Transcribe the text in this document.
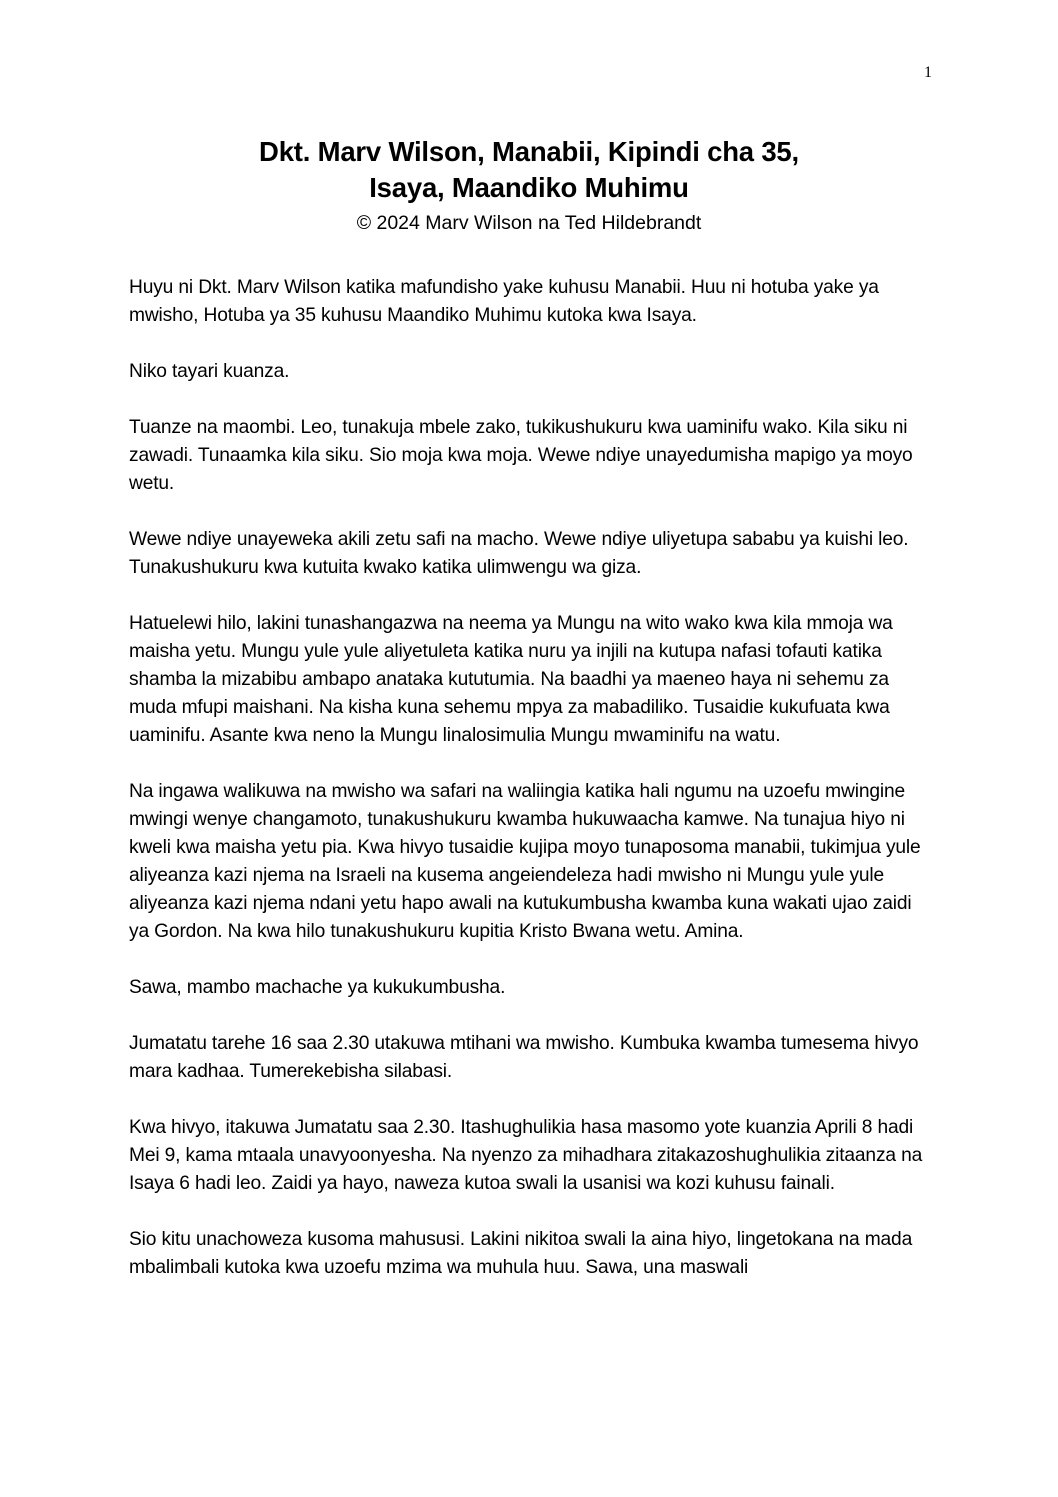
1
Dkt. Marv Wilson, Manabii, Kipindi cha 35,
Isaya, Maandiko Muhimu
© 2024 Marv Wilson na Ted Hildebrandt

Huyu ni Dkt. Marv Wilson katika mafundisho yake kuhusu Manabii. Huu ni hotuba yake ya mwisho, Hotuba ya 35 kuhusu Maandiko Muhimu kutoka kwa Isaya.

Niko tayari kuanza.

Tuanze na maombi. Leo, tunakuja mbele zako, tukikushukuru kwa uaminifu wako. Kila siku ni zawadi. Tunaamka kila siku. Sio moja kwa moja. Wewe ndiye unayedumisha mapigo ya moyo wetu.

Wewe ndiye unayeweka akili zetu safi na macho. Wewe ndiye uliyetupa sababu ya kuishi leo. Tunakushukuru kwa kutuita kwako katika ulimwengu wa giza.

Hatuelewi hilo, lakini tunashangazwa na neema ya Mungu na wito wako kwa kila mmoja wa maisha yetu. Mungu yule yule aliyetuleta katika nuru ya injili na kutupa nafasi tofauti katika shamba la mizabibu ambapo anataka kututumia. Na baadhi ya maeneo haya ni sehemu za muda mfupi maishani. Na kisha kuna sehemu mpya za mabadiliko. Tusaidie kukufuata kwa uaminifu. Asante kwa neno la Mungu linalosimulia Mungu mwaminifu na watu.

Na ingawa walikuwa na mwisho wa safari na waliingia katika hali ngumu na uzoefu mwingine mwingi wenye changamoto, tunakushukuru kwamba hukuwaacha kamwe. Na tunajua hiyo ni kweli kwa maisha yetu pia. Kwa hivyo tusaidie kujipa moyo tunaposoma manabii, tukimjua yule aliyeanza kazi njema na Israeli na kusema angeiendeleza hadi mwisho ni Mungu yule yule aliyeanza kazi njema ndani yetu hapo awali na kutukumbusha kwamba kuna wakati ujao zaidi ya Gordon. Na kwa hilo tunakushukuru kupitia Kristo Bwana wetu. Amina.

Sawa, mambo machache ya kukukumbusha.

Jumatatu tarehe 16 saa 2.30 utakuwa mtihani wa mwisho. Kumbuka kwamba tumesema hivyo mara kadhaa. Tumerekebisha silabasi.

Kwa hivyo, itakuwa Jumatatu saa 2.30. Itashughulikia hasa masomo yote kuanzia Aprili 8 hadi Mei 9, kama mtaala unavyoonyesha. Na nyenzo za mihadhara zitakazoshughulikia zitaanza na Isaya 6 hadi leo. Zaidi ya hayo, naweza kutoa swali la usanisi wa kozi kuhusu fainali.

Sio kitu unachoweza kusoma mahususi. Lakini nikitoa swali la aina hiyo, lingetokana na mada mbalimbali kutoka kwa uzoefu mzima wa muhula huu. Sawa, una maswali
